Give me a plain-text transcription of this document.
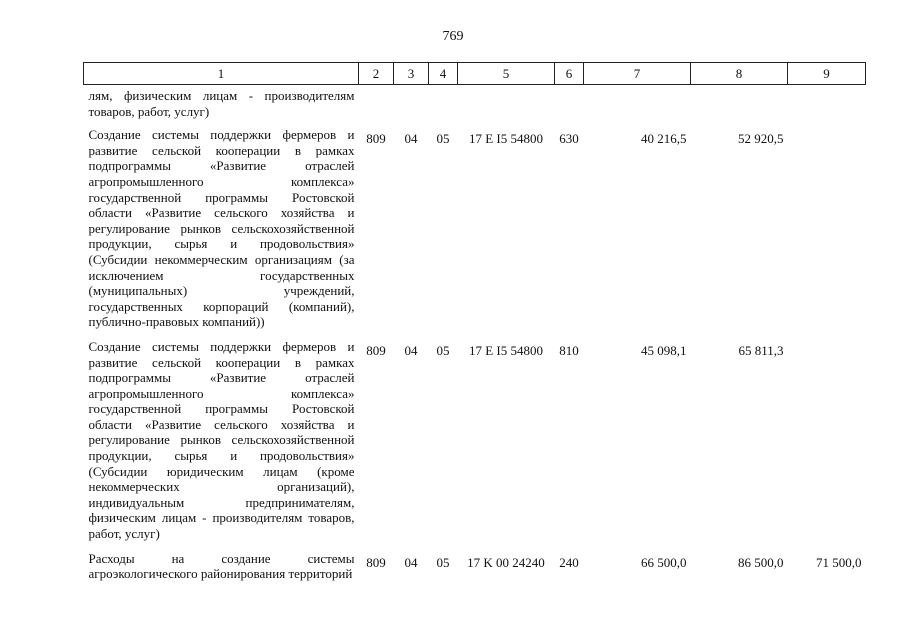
769
1	2	3	4	5	6	7	8	9
лям, физическим лицам - производителям товаров, работ, услуг)								
Создание системы поддержки фермеров и развитие сельской кооперации в рамках подпрограммы «Развитие отраслей агропромышленного комплекса» государственной программы Ростовской области «Развитие сельского хозяйства и регулирование рынков сельскохозяйственной продукции, сырья и продовольствия» (Субсидии некоммерческим организациям (за исключением государственных (муниципальных) учреждений, государственных корпораций (компаний), публично-правовых компаний))	809	04	05	17 E I5 54800	630	40 216,5	52 920,5	
Создание системы поддержки фермеров и развитие сельской кооперации в рамках подпрограммы «Развитие отраслей агропромышленного комплекса» государственной программы Ростовской области «Развитие сельского хозяйства и регулирование рынков сельскохозяйственной продукции, сырья и продовольствия» (Субсидии юридическим лицам (кроме некоммерческих организаций), индивидуальным предпринимателям, физическим лицам - производителям товаров, работ, услуг)	809	04	05	17 E I5 54800	810	45 098,1	65 811,3	
Расходы на создание системы агроэкологического районирования территорий	809	04	05	17 K 00 24240	240	66 500,0	86 500,0	71 500,0
